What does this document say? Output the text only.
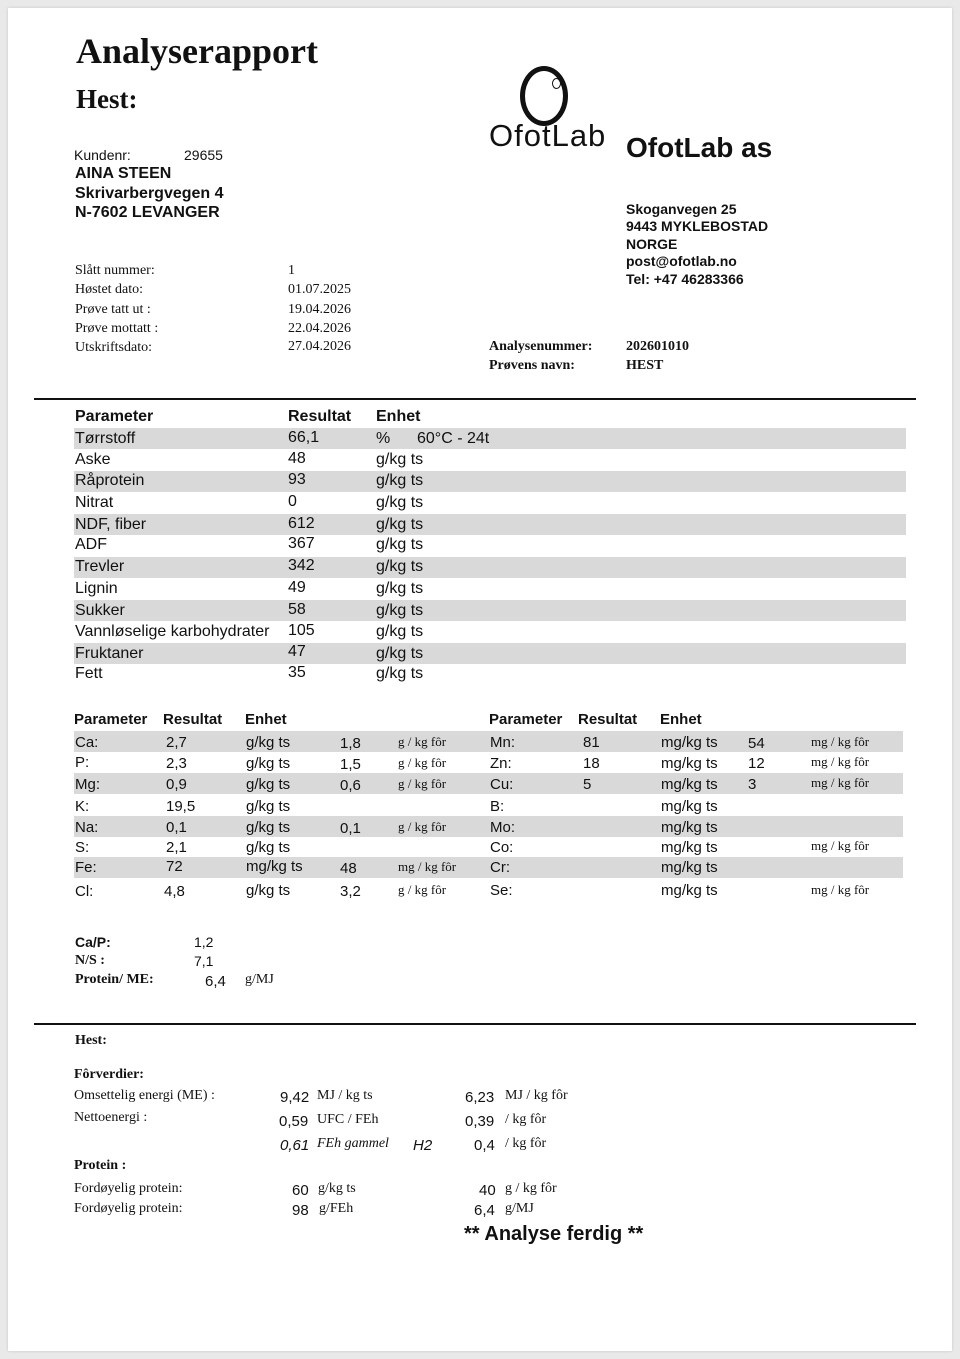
Analyserapport
Hest:
OfotLab OfotLab as
Kundenr:	29655
AINA STEEN
Skrivarbergvegen 4
N-7602 LEVANGER	Skoganvegen 25
9443 MYKLEBOSTAD
NORGE
post@ofotlab.no
Tel: +47 46283366
Slått nummer:	1
Høstet dato:	01.07.2025
Prøve tatt ut :	19.04.2026
Prøve mottatt :	22.04.2026
Utskriftsdato:	27.04.2026	Analysenummer: 202601010
Prøvens navn:	HEST
Parameter	Resultat Enhet
Tørrstoff	66,1	% 60°C - 24t
Aske	48	g/kg ts
Råprotein	93	g/kg ts
Nitrat	0	g/kg ts
NDF, fiber	612	g/kg ts
ADF	367	g/kg ts
Trevler	342	g/kg ts
Lignin	49	g/kg ts
Sukker	58	g/kg ts
Vannløselige karbohydrater 105	g/kg ts
Fruktaner	47	g/kg ts
Fett	35	g/kg ts
Parameter Resultat Enhet	Parameter Resultat Enhet
Ca:	2,7	g/kg ts	1,8	g / kg fôr
P:	2,3	g/kg ts	1,5	g / kg fôr
Mg:	0,9	g/kg ts	0,6	g / kg fôr
K:	19,5	g/kg ts
Na:	0,1	g/kg ts	0,1	g / kg fôr
S:	2,1	g/kg ts
Fe:	72	mg/kg ts 48	mg / kg fôr
Cl:	4,8	g/kg ts	3,2	g / kg fôr
Mn:	81	mg/kg ts 54	mg / kg fôr
Zn:	18	mg/kg ts 12	mg / kg fôr
Cu:	5	mg/kg ts 3	mg / kg fôr
B:	mg/kg ts
Mo:	mg/kg ts
Co:	mg/kg ts	mg / kg fôr
Cr:	mg/kg ts
Se:	mg/kg ts	mg / kg fôr
Ca/P:	1,2
N/S :	7,1
Protein/ ME:	6,4 g/MJ
Hest:
Fôrverdier:
Omsettelig energi (ME) :	9,42 MJ / kg ts	6,23 MJ / kg fôr
Nettoenergi :	0,59 UFC / FEh	0,39 / kg fôr
0,61 FEh gammel H2	0,4 / kg fôr
Protein :
Fordøyelig protein:	60 g/kg ts	40 g / kg fôr
Fordøyelig protein:	98 g/FEh	6,4 g/MJ
** Analyse ferdig **
